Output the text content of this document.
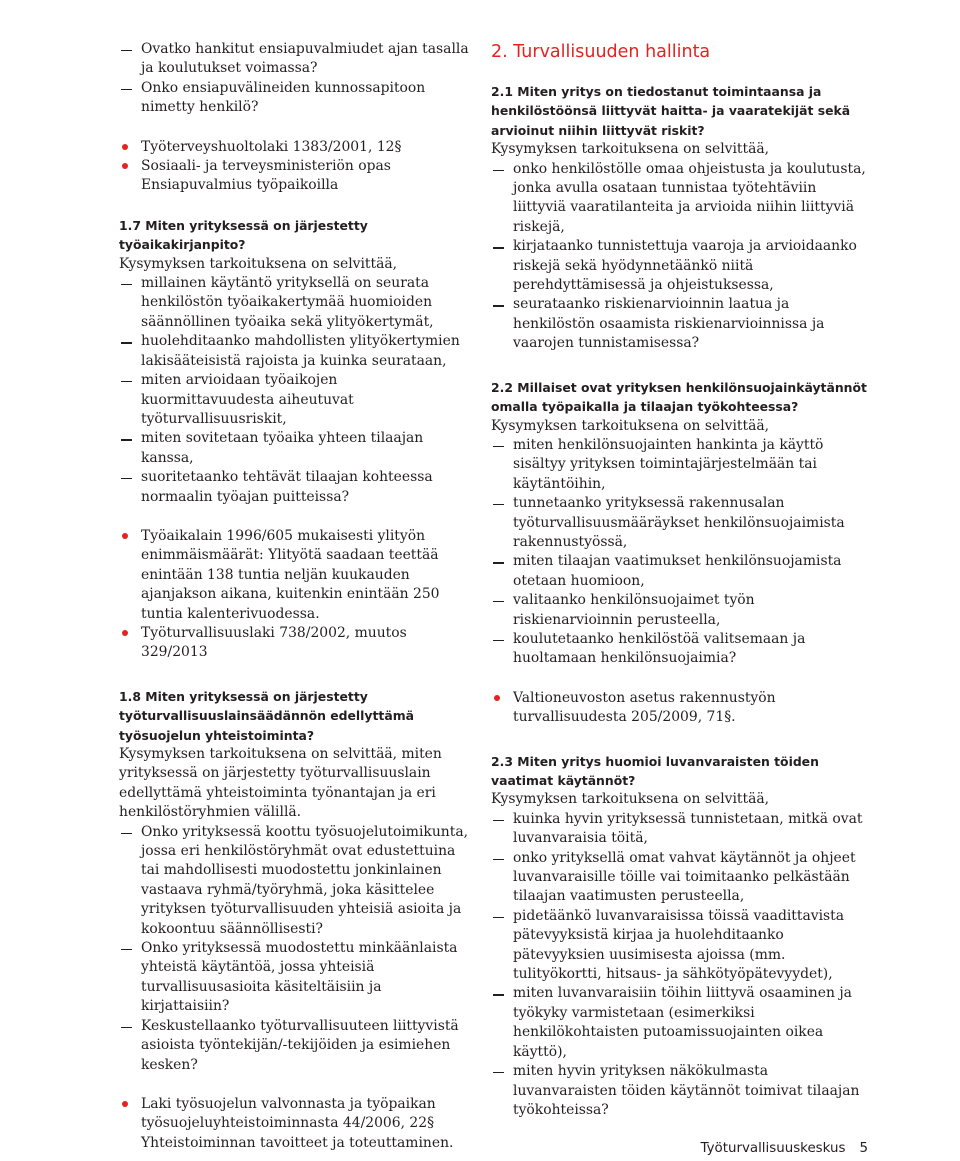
Ovatko hankitut ensiapuvalmiudet ajan tasalla ja koulutukset voimassa?
Onko ensiapuvälineiden kunnossapitoon nimetty henkilö?
Työterveyshuoltolaki 1383/2001, 12§
Sosiaali- ja terveysministeriön opas Ensiapuvalmius työpaikoilla

1.7 Miten yrityksessä on järjestetty työaikakirjanpito?

Kysymyksen tarkoituksena on selvittää,

millainen käytäntö yrityksellä on seurata henkilöstön työaikakertymää huomioiden säännöllinen työaika sekä ylityökertymät,
huolehditaanko mahdollisten ylityökertymien lakisääteisistä rajoista ja kuinka seurataan,
miten arvioidaan työaikojen kuormittavuudesta aiheutuvat työturvallisuusriskit,
miten sovitetaan työaika yhteen tilaajan kanssa,
suoritetaanko tehtävät tilaajan kohteessa normaalin työajan puitteissa?
Työaikalain 1996/605 mukaisesti ylityön enimmäismäärät: Ylityötä saadaan teettää enintään 138 tuntia neljän kuukauden ajanjakson aikana, kuitenkin enintään 250 tuntia kalenterivuodessa.
Työturvallisuuslaki 738/2002, muutos 329/2013

1.8 Miten yrityksessä on järjestetty työturvallisuuslainsäädännön edellyttämä työsuojelun yhteistoiminta?

Kysymyksen tarkoituksena on selvittää, miten yrityksessä on järjestetty työturvallisuuslain edellyttämä yhteistoiminta työnantajan ja eri henkilöstöryhmien välillä.

Onko yrityksessä koottu työsuojelutoimikunta, jossa eri henkilöstöryhmät ovat edustettuina tai mahdollisesti muodostettu jonkinlainen vastaava ryhmä/työryhmä, joka käsittelee yrityksen työturvallisuuden yhteisiä asioita ja kokoontuu säännöllisesti?
Onko yrityksessä muodostettu minkäänlaista yhteistä käytäntöä, jossa yhteisiä turvallisuusasioita käsiteltäisiin ja kirjattaisiin?
Keskustellaanko työturvallisuuteen liittyvistä asioista työntekijän/-tekijöiden ja esimiehen kesken?
Laki työsuojelun valvonnasta ja työpaikan työsuojeluyhteistoiminnasta 44/2006, 22§ Yhteistoiminnan tavoitteet ja toteuttaminen.

2. Turvallisuuden hallinta

2.1 Miten yritys on tiedostanut toimintaansa ja henkilöstöönsä liittyvät haitta- ja vaaratekijät sekä arvioinut niihin liittyvät riskit?

Kysymyksen tarkoituksena on selvittää,

onko henkilöstölle omaa ohjeistusta ja koulutusta, jonka avulla osataan tunnistaa työtehtäviin liittyviä vaaratilanteita ja arvioida niihin liittyviä riskejä,
kirjataanko tunnistettuja vaaroja ja arvioidaanko riskejä sekä hyödynnetäänkö niitä perehdyttämisessä ja ohjeistuksessa,
seurataanko riskienarvioinnin laatua ja henkilöstön osaamista riskienarvioinnissa ja vaarojen tunnistamisessa?

2.2 Millaiset ovat yrityksen henkilönsuojainkäytännöt omalla työpaikalla ja tilaajan työkohteessa?

Kysymyksen tarkoituksena on selvittää,

miten henkilönsuojainten hankinta ja käyttö sisältyy yrityksen toimintajärjestelmään tai käytäntöihin,
tunnetaanko yrityksessä rakennusalan työturvallisuusmääräykset henkilönsuojaimista rakennustyössä,
miten tilaajan vaatimukset henkilönsuojamista otetaan huomioon,
valitaanko henkilönsuojaimet työn riskienarvioinnin perusteella,
koulutetaanko henkilöstöä valitsemaan ja huoltamaan henkilönsuojaimia?
Valtioneuvoston asetus rakennustyön turvallisuudesta 205/2009, 71§.

2.3 Miten yritys huomioi luvanvaraisten töiden vaatimat käytännöt?

Kysymyksen tarkoituksena on selvittää,

kuinka hyvin yrityksessä tunnistetaan, mitkä ovat luvanvaraisia töitä,
onko yrityksellä omat vahvat käytännöt ja ohjeet luvanvaraisille töille vai toimitaanko pelkästään tilaajan vaatimusten perusteella,
pidetäänkö luvanvaraisissa töissä vaadittavista pätevyyksistä kirjaa ja huolehditaanko pätevyyksien uusimisesta ajoissa (mm. tulityökortti, hitsaus- ja sähkötyöpätevyydet),
miten luvanvaraisiin töihin liittyvä osaaminen ja työkyky varmistetaan (esimerkiksi henkilökohtaisten putoamissuojainten oikea käyttö),
miten hyvin yrityksen näkökulmasta luvanvaraisten töiden käytännöt toimivat tilaajan työkohteissa?
Työturvallisuuskeskus 5
